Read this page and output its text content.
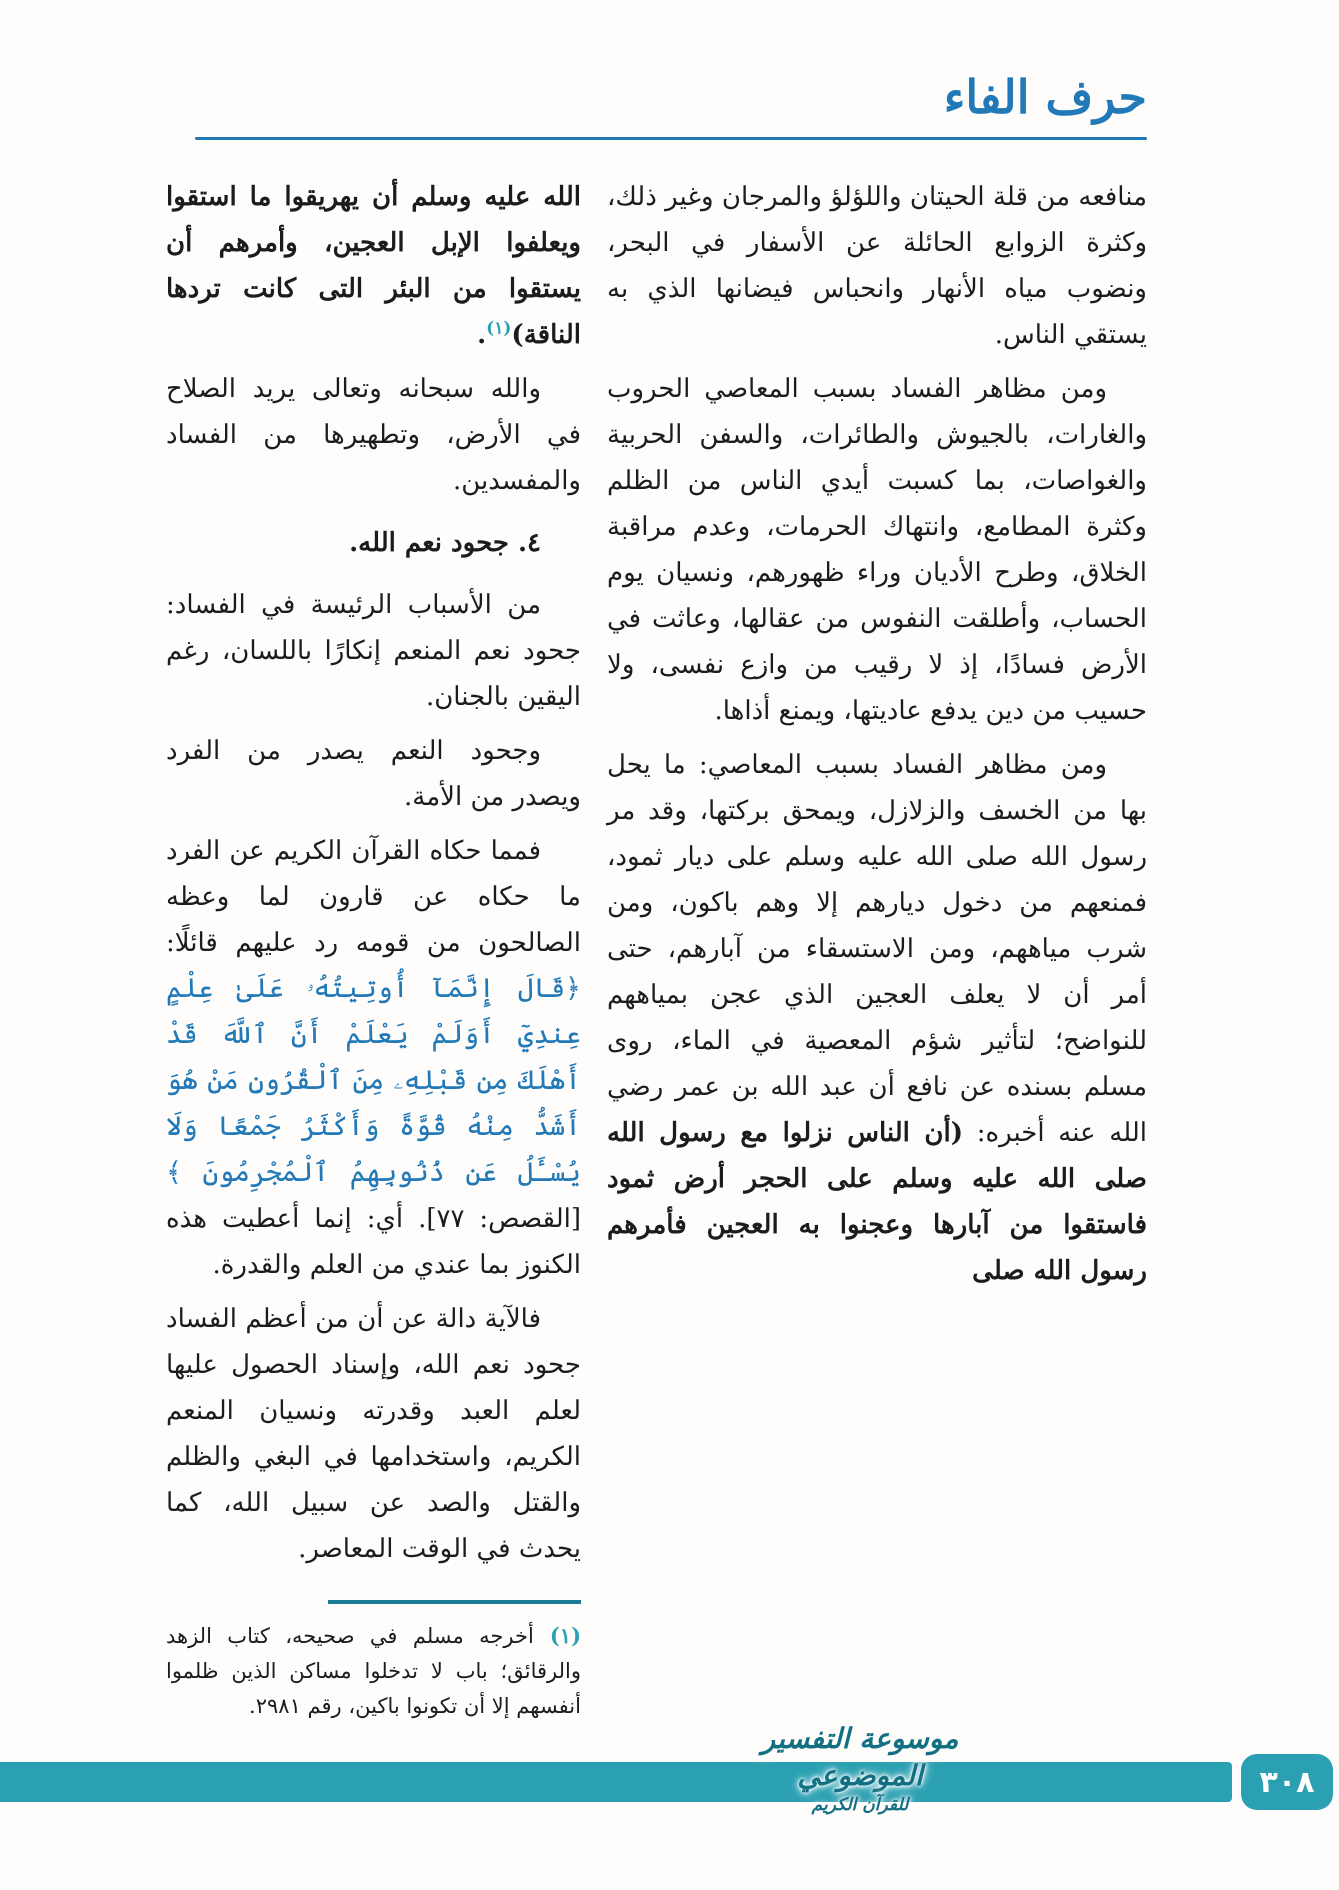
حرف الفاء

منافعه من قلة الحيتان واللؤلؤ والمرجان وغير ذلك، وكثرة الزوابع الحائلة عن الأسفار في البحر، ونضوب مياه الأنهار وانحباس فيضانها الذي به يستقي الناس.

ومن مظاهر الفساد بسبب المعاصي الحروب والغارات، بالجيوش والطائرات، والسفن الحربية والغواصات، بما كسبت أيدي الناس من الظلم وكثرة المطامع، وانتهاك الحرمات، وعدم مراقبة الخلاق، وطرح الأديان وراء ظهورهم، ونسيان يوم الحساب، وأطلقت النفوس من عقالها، وعاثت في الأرض فسادًا، إذ لا رقيب من وازع نفسى، ولا حسيب من دين يدفع عاديتها، ويمنع أذاها.

ومن مظاهر الفساد بسبب المعاصي: ما يحل بها من الخسف والزلازل، ويمحق بركتها، وقد مر رسول الله صلى الله عليه وسلم على ديار ثمود، فمنعهم من دخول ديارهم إلا وهم باكون، ومن شرب مياههم، ومن الاستسقاء من آبارهم، حتى أمر أن لا يعلف العجين الذي عجن بمياههم للنواضح؛ لتأثير شؤم المعصية في الماء، روى مسلم بسنده عن نافع أن عبد الله بن عمر رضي الله عنه أخبره: (أن الناس نزلوا مع رسول الله صلى الله عليه وسلم على الحجر أرض ثمود فاستقوا من آبارها وعجنوا به العجين فأمرهم رسول الله صلى

الله عليه وسلم أن يهريقوا ما استقوا ويعلفوا الإبل العجين، وأمرهم أن يستقوا من البئر التى كانت تردها الناقة)$^{(١)}$.

والله سبحانه وتعالى يريد الصلاح في الأرض، وتطهيرها من الفساد والمفسدين.

٤. جحود نعم الله.

من الأسباب الرئيسة في الفساد: جحود نعم المنعم إنكارًا باللسان، رغم اليقين بالجنان.

وجحود النعم يصدر من الفرد ويصدر من الأمة.

فمما حكاه القرآن الكريم عن الفرد ما حكاه عن قارون لما وعظه الصالحون من قومه رد عليهم قائلًا: ﴿قَالَ إِنَّمَآ أُوتِيتُهُۥ عَلَىٰ عِلْمٍ عِندِيٓ أَوَلَمْ يَعْلَمْ أَنَّ ٱللَّهَ قَدْ أَهْلَكَ مِن قَبْلِهِۦ مِنَ ٱلْقُرُونِ مَنْ هُوَ أَشَدُّ مِنْهُ قُوَّةً وَأَكْثَرُ جَمْعًا وَلَا يُسْـَٔلُ عَن ذُنُوبِهِمُ ٱلْمُجْرِمُونَ ﴾ [القصص: ٧٧]. أي: إنما أعطيت هذه الكنوز بما عندي من العلم والقدرة.

فالآية دالة عن أن من أعظم الفساد جحود نعم الله، وإسناد الحصول عليها لعلم العبد وقدرته ونسيان المنعم الكريم، واستخدامها في البغي والظلم والقتل والصد عن سبيل الله، كما يحدث في الوقت المعاصر.

(١) أخرجه مسلم في صحيحه، كتاب الزهد والرقائق؛ باب لا تدخلوا مساكن الذين ظلموا أنفسهم إلا أن تكونوا باكين، رقم ٢٩٨١.

موسوعة التفسير الموضوعي
للقرآن الكريم
٣٠٨
